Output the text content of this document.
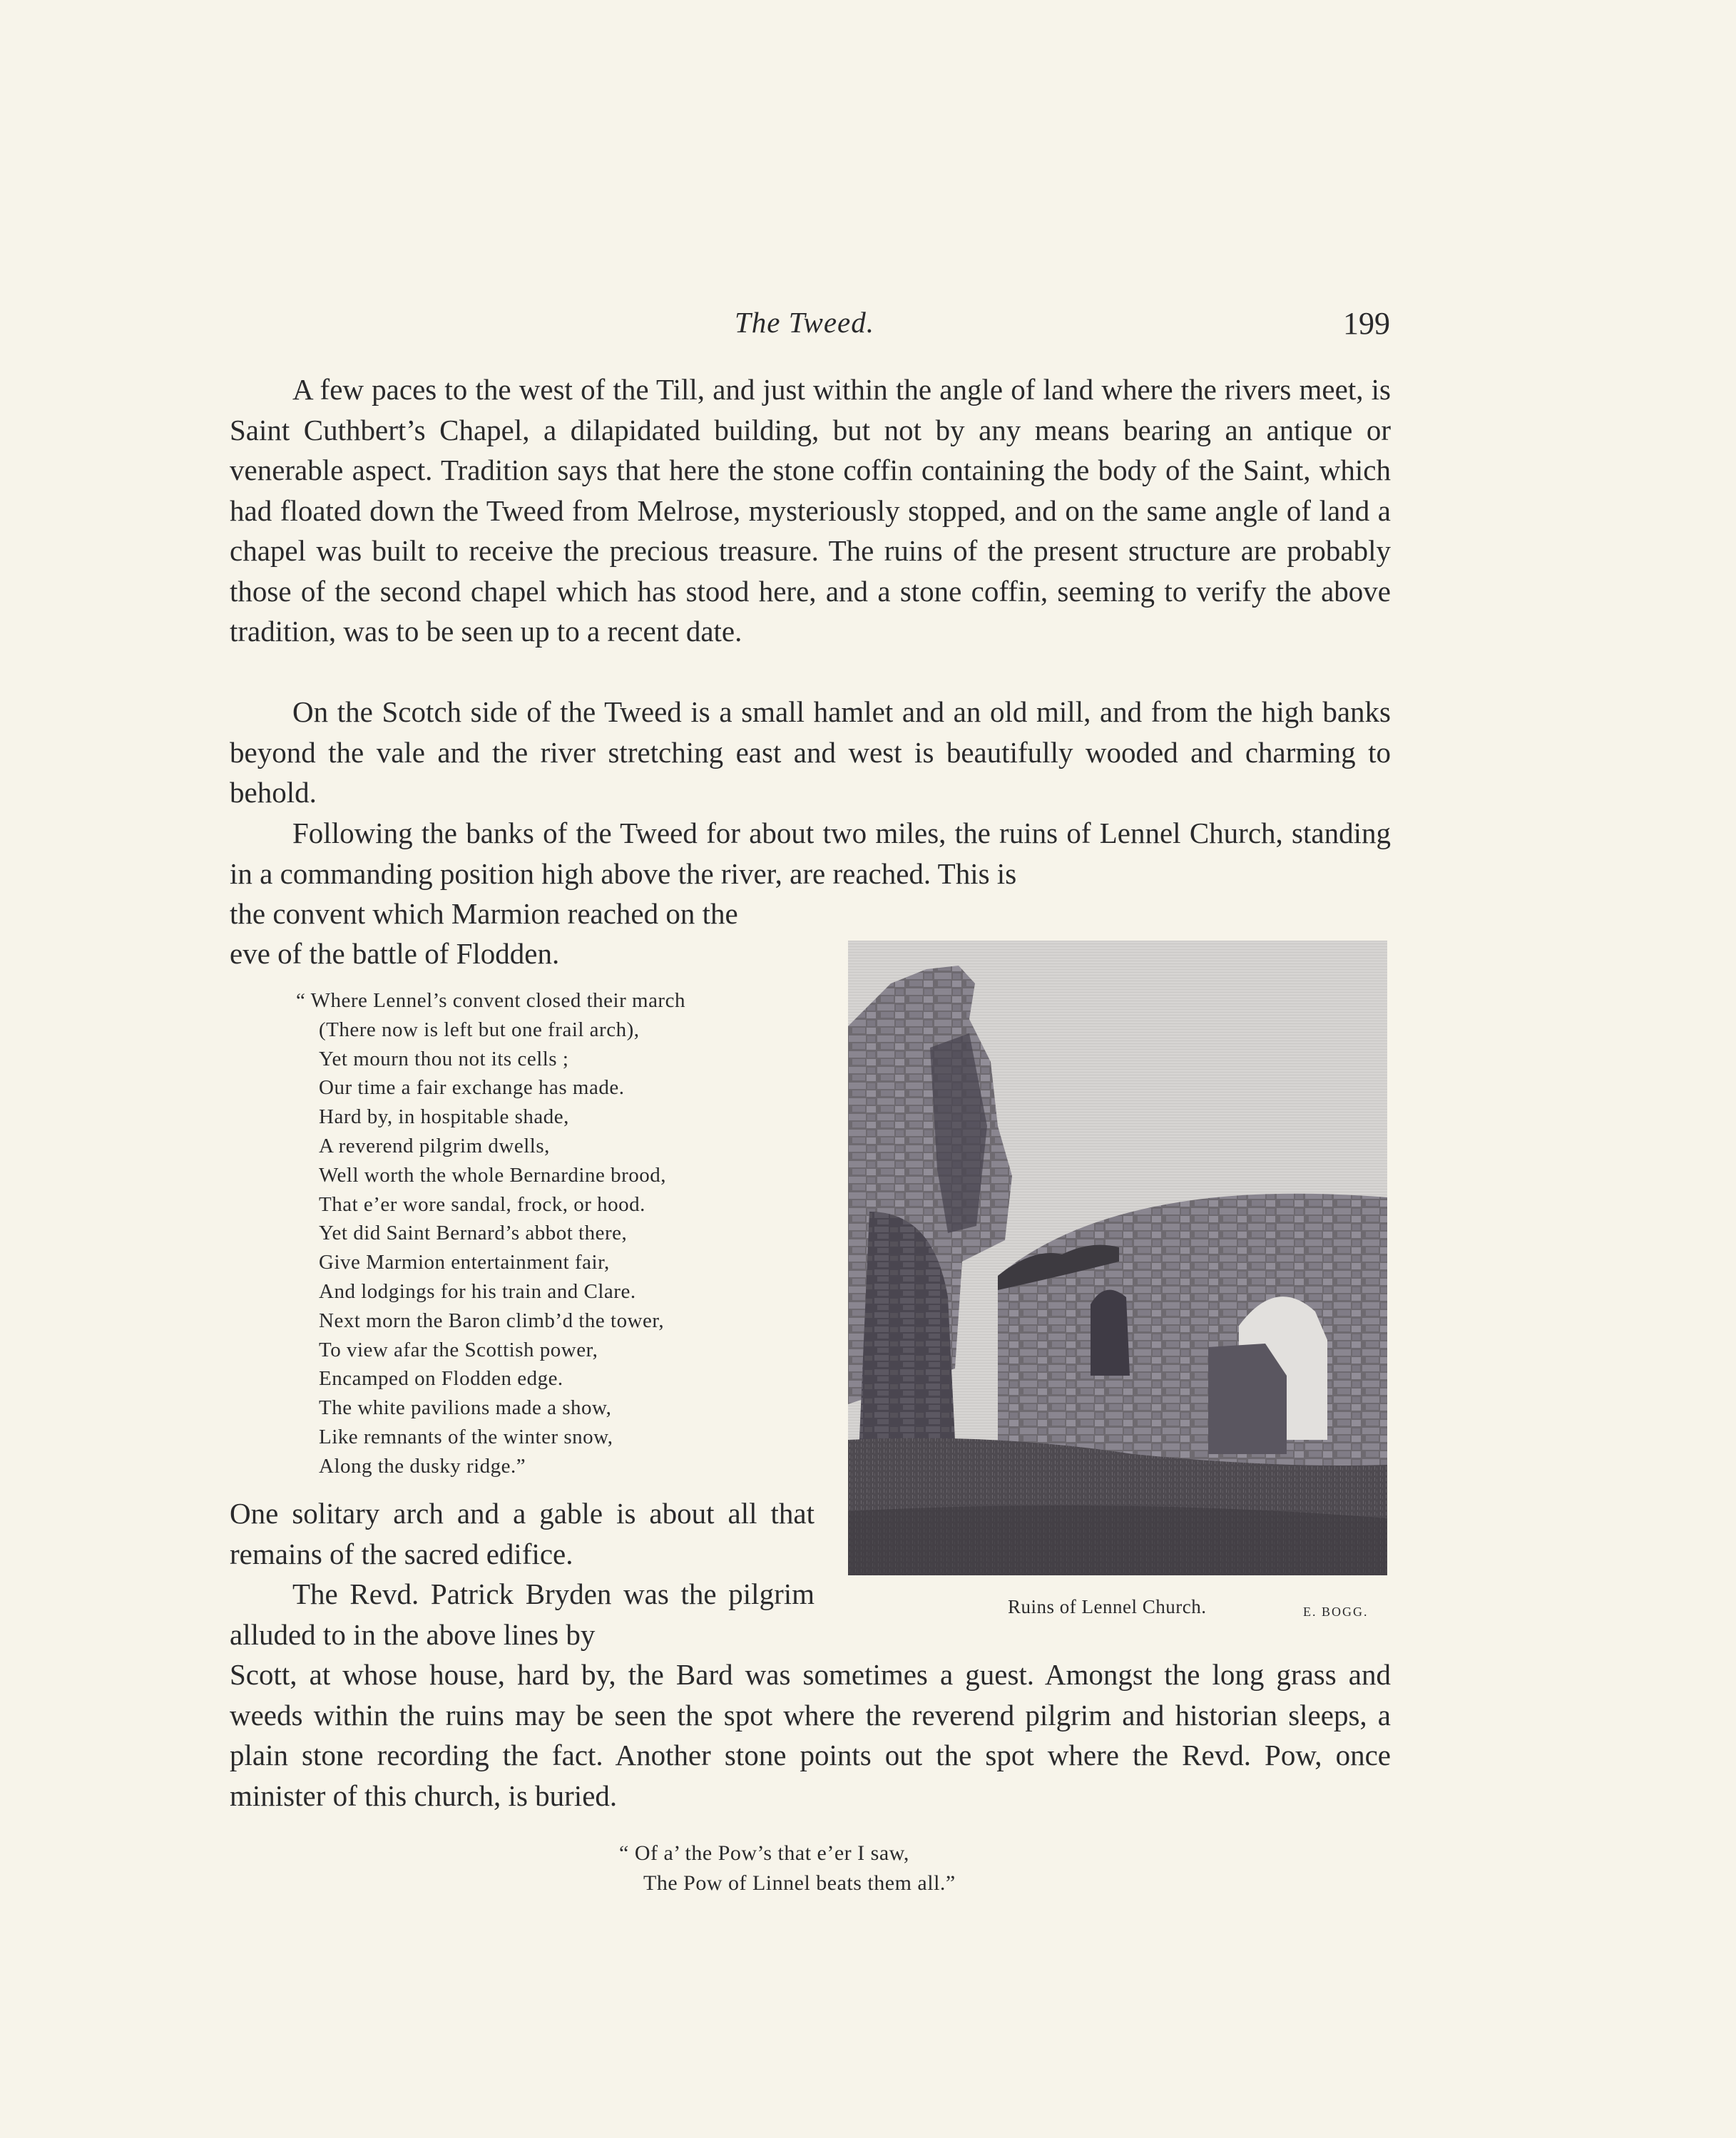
The Tweed.	199

A few paces to the west of the Till, and just within the angle of land where the rivers meet, is Saint Cuthbert’s Chapel, a dilapidated building, but not by any means bearing an antique or venerable aspect. Tradition says that here the stone coffin containing the body of the Saint, which had floated down the Tweed from Melrose, mysteriously stopped, and on the same angle of land a chapel was built to receive the precious treasure. The ruins of the present structure are probably those of the second chapel which has stood here, and a stone coffin, seeming to verify the above tradition, was to be seen up to a recent date.

On the Scotch side of the Tweed is a small hamlet and an old mill, and from the high banks beyond the vale and the river stretching east and west is beautifully wooded and charming to behold.

Following the banks of the Tweed for about two miles, the ruins of Lennel Church, standing in a commanding position high above the river, are reached. This is

the convent which Marmion reached on the

eve of the battle of Flodden.

“ Where Lennel’s convent closed their march
(There now is left but one frail arch),
Yet mourn thou not its cells ;
Our time a fair exchange has made.
Hard by, in hospitable shade,
A reverend pilgrim dwells,
Well worth the whole Bernardine brood,
That e’er wore sandal, frock, or hood.
Yet did Saint Bernard’s abbot there,
Give Marmion entertainment fair,
And lodgings for his train and Clare.
Next morn the Baron climb’d the tower,
To view afar the Scottish power,
Encamped on Flodden edge.
The white pavilions made a show,
Like remnants of the winter snow,
Along the dusky ridge.”

One solitary arch and a gable is about all that remains of the sacred edifice.

The Revd. Patrick Bryden was the pilgrim alluded to in the above lines by

Scott, at whose house, hard by, the Bard was sometimes a guest. Amongst the long grass and weeds within the ruins may be seen the spot where the reverend pilgrim and historian sleeps, a plain stone recording the fact. Another stone points out the spot where the Revd. Pow, once minister of this church, is buried.

Ruins of Lennel Church.	E. BOGG.
“ Of a’ the Pow’s that e’er I saw,
The Pow of Linnel beats them all.”
